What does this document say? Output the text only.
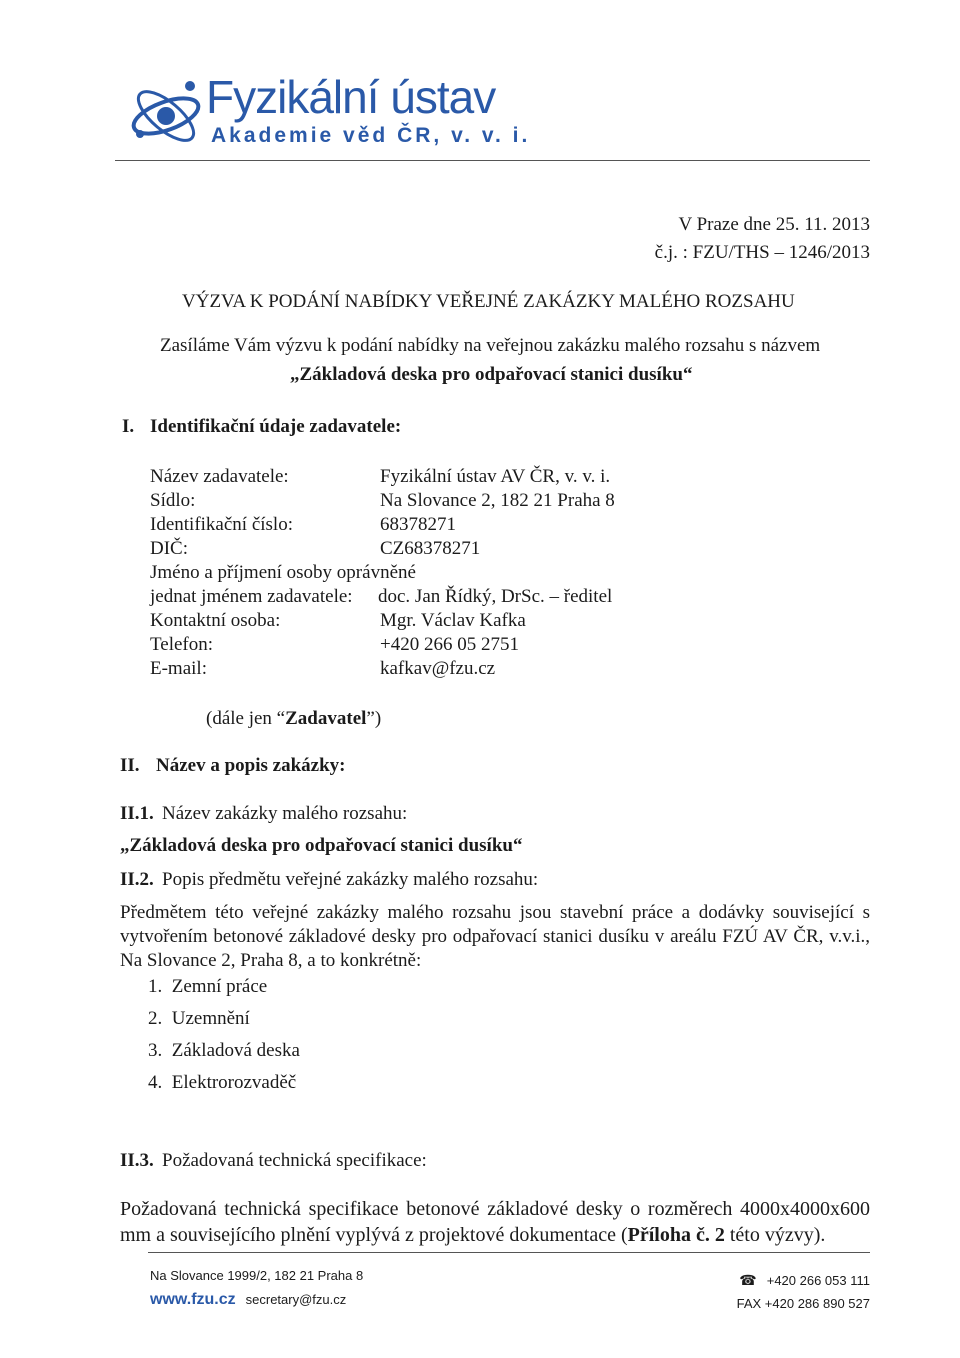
Fyzikální ústav
Akademie věd ČR, v. v. i.
V Praze dne 25. 11. 2013
č.j. : FZU/THS – 1246/2013
VÝZVA K PODÁNÍ NABÍDKY VEŘEJNÉ ZAKÁZKY MALÉHO ROZSAHU
Zasíláme Vám výzvu k podání nabídky na veřejnou zakázku malého rozsahu s názvem
„Základová deska pro odpařovací stanici dusíku“
I. Identifikační údaje zadavatele:
Název zadavatele:	Fyzikální ústav AV ČR, v. v. i.
Sídlo:	Na Slovance 2, 182 21 Praha 8
Identifikační číslo:	68378271
DIČ:	CZ68378271
Jméno a příjmení osoby oprávněné
jednat jménem zadavatele: doc. Jan Řídký, DrSc. – ředitel
Kontaktní osoba:	Mgr. Václav Kafka
Telefon:	+420 266 05 2751
E-mail:	kafkav@fzu.cz
(dále jen “Zadavatel”)
II. Název a popis zakázky:
II.1. Název zakázky malého rozsahu:
„Základová deska pro odpařovací stanici dusíku“
II.2. Popis předmětu veřejné zakázky malého rozsahu:
Předmětem této veřejné zakázky malého rozsahu jsou stavební práce a dodávky související s vytvořením betonové základové desky pro odpařovací stanici dusíku v areálu FZÚ AV ČR, v.v.i., Na Slovance 2, Praha 8, a to konkrétně:
1.  Zemní práce
2.  Uzemnění
3.  Základová deska
4.  Elektrorozvaděč
II.3. Požadovaná technická specifikace:
Požadovaná technická specifikace betonové základové desky o rozměrech 4000x4000x600 mm a souvisejícího plnění vyplývá z projektové dokumentace (Příloha č. 2 této výzvy).
Na Slovance 1999/2, 182 21 Praha 8
www.fzu.cz secretary@fzu.cz
☎ +420 266 053 111
FAX +420 286 890 527
